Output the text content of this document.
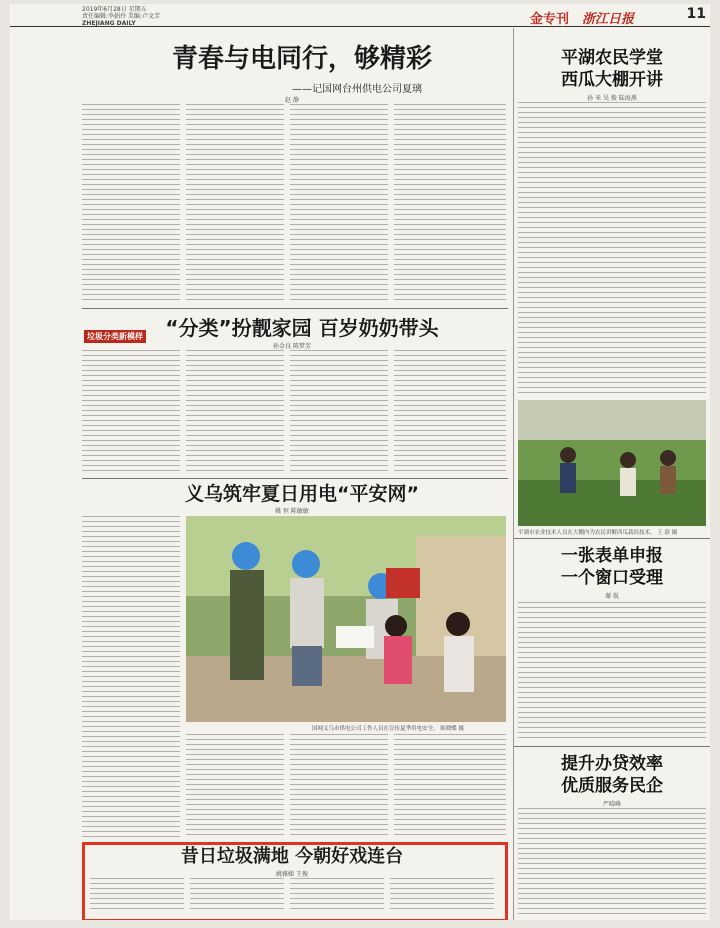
2019年6月28日 星期五
责任编辑:李娟玲 美编:卢文芳
ZHEJIANG DAILY	金专刊 浙江日报	11
青春与电同行，够精彩
——记国网台州供电公司夏璃
赵 静
“分类”扮靓家园 百岁奶奶带头
孙金良 陈梦芳
垃圾分类新模样
义乌筑牢夏日用电“平安网”
姚 恒 陈敏敏
国网义乌市供电公司工作人员在宣传夏季用电安全。 陈晓蝶 摄
昔日垃圾满地 今朝好戏连台
姚雅娣 王俊
平湖农民学堂
西瓜大棚开讲
孙 米 吴 俊 陆海燕
平湖市农业技术人员在大棚内为农民讲解西瓜栽培技术。 王 蔚 摄
一张表单申报
一个窗口受理
谢 航
提升办贷效率
优质服务民企
严晴峰
